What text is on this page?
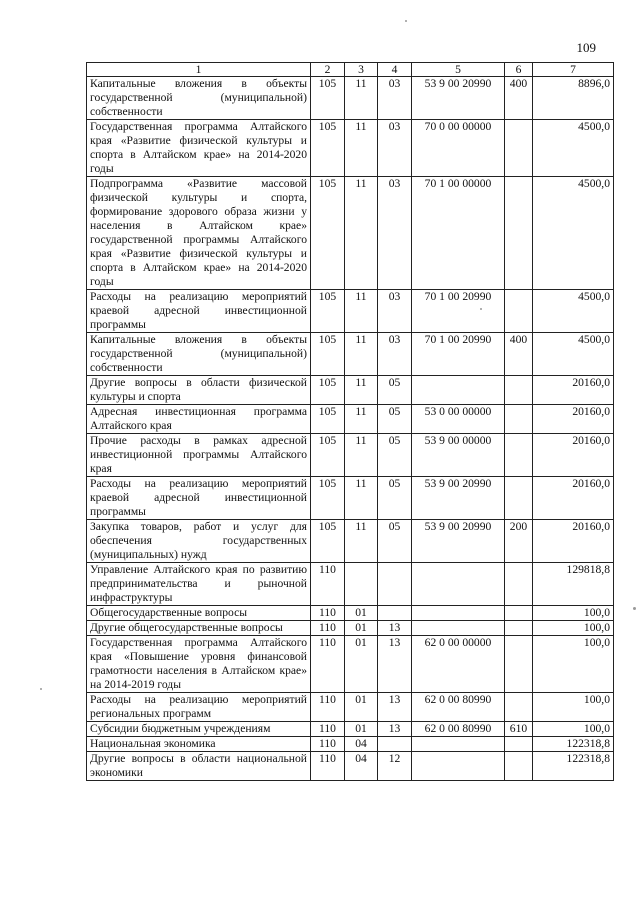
109
1	2	3	4	5	6	7
Капитальные вложения в объекты государственной (муниципальной) собственности	105	11	03	53 9 00 20990	400	8896,0
Государственная программа Алтайского края «Развитие физической культуры и спорта в Алтайском крае» на 2014-2020 годы	105	11	03	70 0 00 00000		4500,0
Подпрограмма «Развитие массовой физической культуры и спорта, формирование здорового образа жизни у населения в Алтайском крае» государственной программы Алтайского края «Развитие физической культуры и спорта в Алтайском крае» на 2014-2020 годы	105	11	03	70 1 00 00000		4500,0
Расходы на реализацию мероприятий краевой адресной инвестиционной программы	105	11	03	70 1 00 20990		4500,0
Капитальные вложения в объекты государственной (муниципальной) собственности	105	11	03	70 1 00 20990	400	4500,0
Другие вопросы в области физической культуры и спорта	105	11	05			20160,0
Адресная инвестиционная программа Алтайского края	105	11	05	53 0 00 00000		20160,0
Прочие расходы в рамках адресной инвестиционной программы Алтайского края	105	11	05	53 9 00 00000		20160,0
Расходы на реализацию мероприятий краевой адресной инвестиционной программы	105	11	05	53 9 00 20990		20160,0
Закупка товаров, работ и услуг для обеспечения государственных (муниципальных) нужд	105	11	05	53 9 00 20990	200	20160,0
Управление Алтайского края по развитию предпринимательства и рыночной инфраструктуры	110					129818,8
Общегосударственные вопросы	110	01				100,0
Другие общегосударственные вопросы	110	01	13			100,0
Государственная программа Алтайского края «Повышение уровня финансовой грамотности населения в Алтайском крае» на 2014-2019 годы	110	01	13	62 0 00 00000		100,0
Расходы на реализацию мероприятий региональных программ	110	01	13	62 0 00 80990		100,0
Субсидии бюджетным учреждениям	110	01	13	62 0 00 80990	610	100,0
Национальная экономика	110	04				122318,8
Другие вопросы в области национальной экономики	110	04	12			122318,8
